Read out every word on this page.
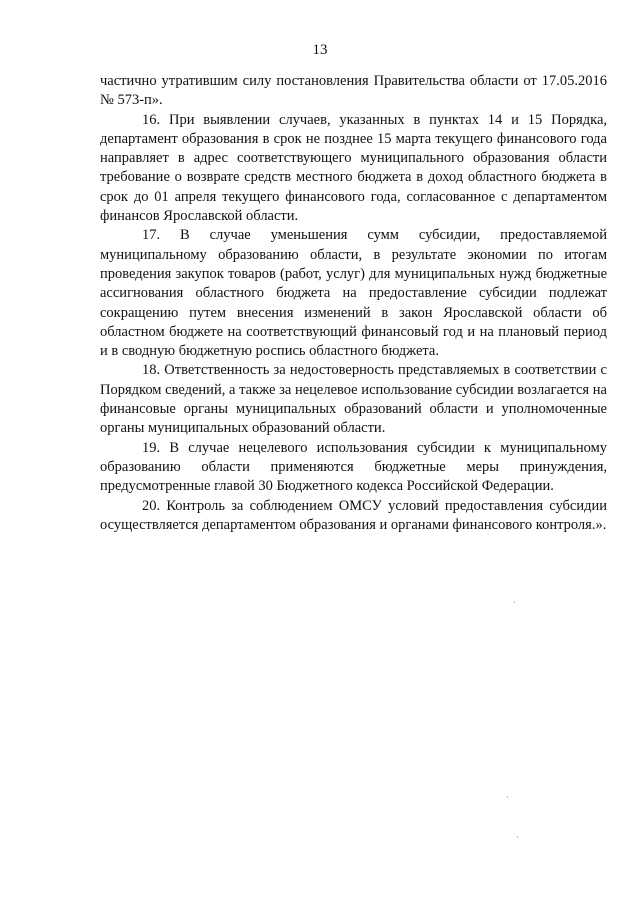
13

частично утратившим силу постановления Правительства области от 17.05.2016 № 573-п».

16. При выявлении случаев, указанных в пунктах 14 и 15 Порядка, департамент образования в срок не позднее 15 марта текущего финансового года направляет в адрес соответствующего муниципального образования области требование о возврате средств местного бюджета в доход областного бюджета в срок до 01 апреля текущего финансового года, согласованное с департаментом финансов Ярославской области.

17. В случае уменьшения сумм субсидии, предоставляемой муниципальному образованию области, в результате экономии по итогам проведения закупок товаров (работ, услуг) для муниципальных нужд бюджетные ассигнования областного бюджета на предоставление субсидии подлежат сокращению путем внесения изменений в закон Ярославской области об областном бюджете на соответствующий финансовый год и на плановый период и в сводную бюджетную роспись областного бюджета.

18. Ответственность за недостоверность представляемых в соответствии с Порядком сведений, а также за нецелевое использование субсидии возлагается на финансовые органы муниципальных образований области и уполномоченные органы муниципальных образований области.

19. В случае нецелевого использования субсидии к муниципальному образованию области применяются бюджетные меры принуждения, предусмотренные главой 30 Бюджетного кодекса Российской Федерации.

20. Контроль за соблюдением ОМСУ условий предоставления субсидии осуществляется департаментом образования и органами финансового контроля.».
